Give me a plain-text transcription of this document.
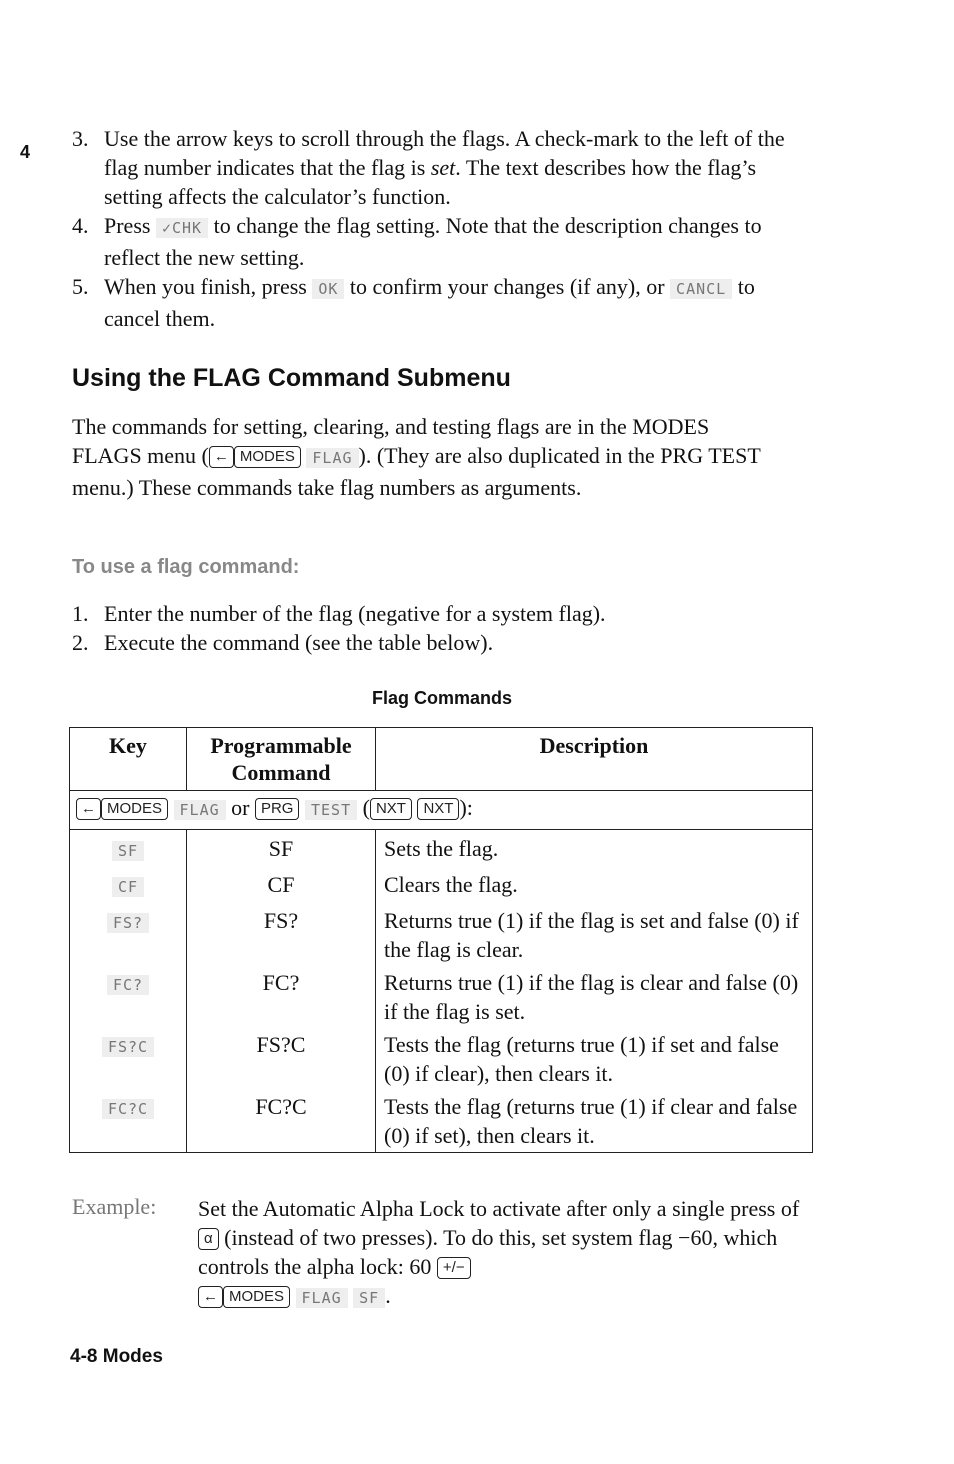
4
3. Use the arrow keys to scroll through the flags. A check-mark to the left of the flag number indicates that the flag is set. The text describes how the flag’s setting affects the calculator’s function.
4. Press ✓CHK to change the flag setting. Note that the description changes to reflect the new setting.
5. When you finish, press OK to confirm your changes (if any), or CANCL to cancel them.
Using the FLAG Command Submenu
The commands for setting, clearing, and testing flags are in the MODES FLAGS menu ( ← MODES FLAG ). (They are also duplicated in the PRG TEST menu.) These commands take flag numbers as arguments.
To use a flag command:
1. Enter the number of the flag (negative for a system flag).
2. Execute the command (see the table below).
Flag Commands
Key	Programmable Command	Description
← MODES FLAG or PRG TEST ( NXT NXT ):		
SF	SF	Sets the flag.
CF	CF	Clears the flag.
FS?	FS?	Returns true (1) if the flag is set and false (0) if the flag is clear.
FC?	FC?	Returns true (1) if the flag is clear and false (0) if the flag is set.
FS?C	FS?C	Tests the flag (returns true (1) if set and false (0) if clear), then clears it.
FC?C	FC?C	Tests the flag (returns true (1) if clear and false (0) if set), then clears it.
Example: Set the Automatic Alpha Lock to activate after only a single press of α (instead of two presses). To do this, set system flag −60, which controls the alpha lock: 60 +/−
← MODES FLAG SF .
4-8 Modes
